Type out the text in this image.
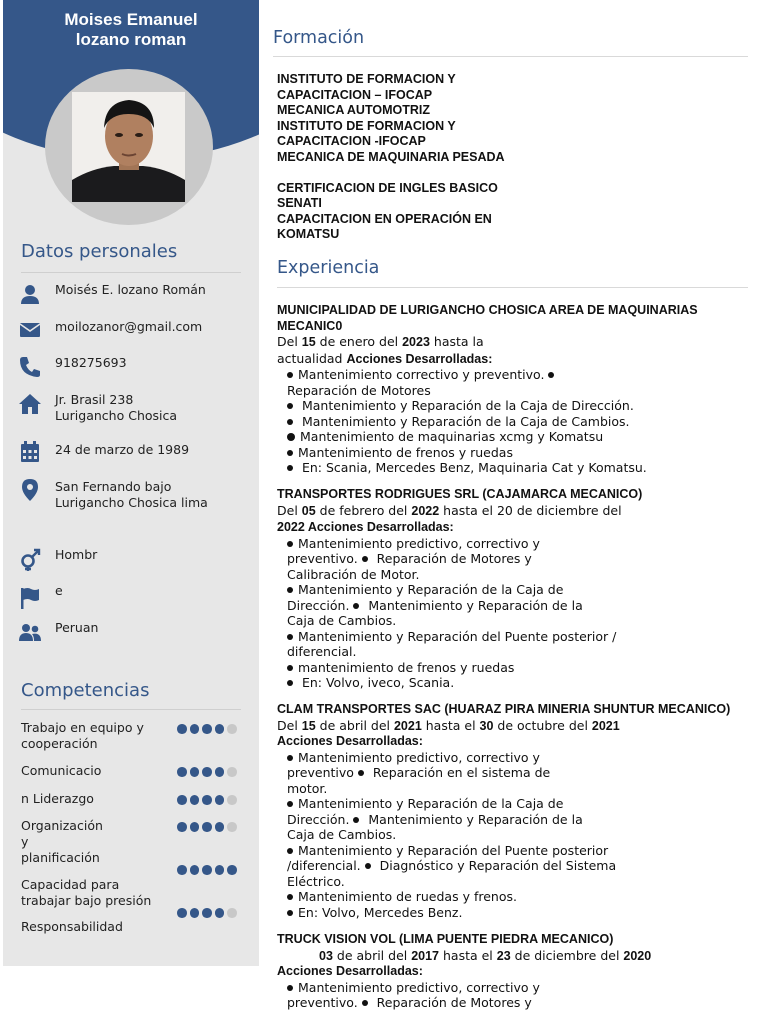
Moises Emanuel
lozano roman
Datos personales
Moisés E. lozano Román
moilozanor@gmail.com
918275693
Jr. Brasil 238
Lurigancho Chosica
24 de marzo de 1989
San Fernando bajo
Lurigancho Chosica lima
Hombr
e
Peruan
Competencias
Trabajo en equipo y
cooperación
Comunicacio
n Liderazgo
Organización
y
planificación
Capacidad para
trabajar bajo presión
Responsabilidad
Formación
INSTITUTO DE FORMACION Y
CAPACITACION – IFOCAP
MECANICA AUTOMOTRIZ
INSTITUTO DE FORMACION Y
CAPACITACION -IFOCAP
MECANICA DE MAQUINARIA PESADA
CERTIFICACION DE INGLES BASICO
SENATI
CAPACITACION EN OPERACIÓN EN
KOMATSU
Experiencia
MUNICIPALIDAD DE LURIGANCHO CHOSICA AREA DE MAQUINARIAS
MECANIC0
Del 15 de enero del 2023 hasta la
actualidad Acciones Desarrolladas:
Mantenimiento correctivo y preventivo.
Reparación de Motores
Mantenimiento y Reparación de la Caja de Dirección.
Mantenimiento y Reparación de la Caja de Cambios.
Mantenimiento de maquinarias xcmg y Komatsu
Mantenimiento de frenos y ruedas
En: Scania, Mercedes Benz, Maquinaria Cat y Komatsu.
TRANSPORTES RODRIGUES SRL (CAJAMARCA MECANICO)
Del 05 de febrero del 2022 hasta el 20 de diciembre del
2022 Acciones Desarrolladas:
Mantenimiento predictivo, correctivo y
preventivo. Reparación de Motores y
Calibración de Motor.
Mantenimiento y Reparación de la Caja de
Dirección. Mantenimiento y Reparación de la
Caja de Cambios.
Mantenimiento y Reparación del Puente posterior /
diferencial.
mantenimiento de frenos y ruedas
En: Volvo, iveco, Scania.
CLAM TRANSPORTES SAC (HUARAZ PIRA MINERIA SHUNTUR MECANICO)
Del 15 de abril del 2021 hasta el 30 de octubre del 2021
Acciones Desarrolladas:
Mantenimiento predictivo, correctivo y
preventivo Reparación en el sistema de
motor.
Mantenimiento y Reparación de la Caja de
Dirección. Mantenimiento y Reparación de la
Caja de Cambios.
Mantenimiento y Reparación del Puente posterior
/diferencial. Diagnóstico y Reparación del Sistema
Eléctrico.
Mantenimiento de ruedas y frenos.
En: Volvo, Mercedes Benz.
TRUCK VISION VOL (LIMA PUENTE PIEDRA MECANICO)
03 de abril del 2017 hasta el 23 de diciembre del 2020
Acciones Desarrolladas:
Mantenimiento predictivo, correctivo y
preventivo. Reparación de Motores y
